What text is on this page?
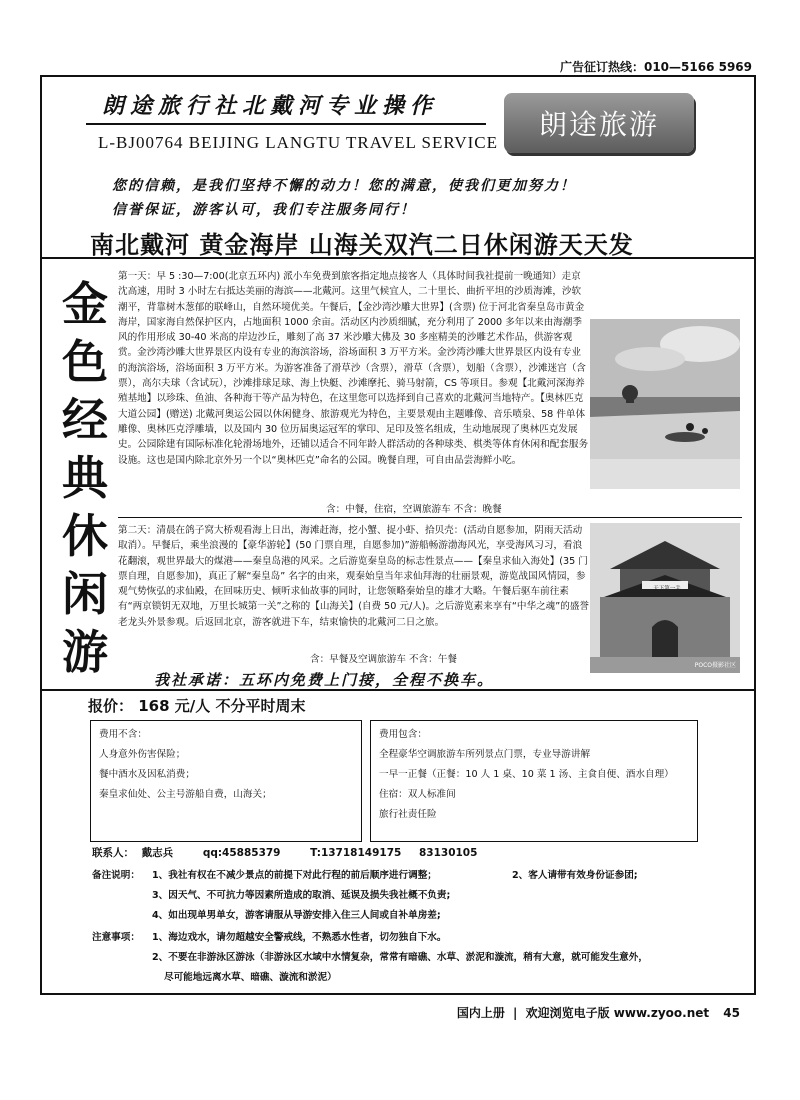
广告征订热线：010—5166 5969
朗途旅行社北戴河专业操作
L-BJ00764 BEIJING LANGTU TRAVEL SERVICE
朗途旅游
您的信赖，是我们坚持不懈的动力！您的满意，使我们更加努力！
信誉保证，游客认可，我们专注服务同行！
南北戴河 黄金海岸 山海关双汽二日休闲游天天发
金
色
经
典
休
闲
游
第一天：早 5 :30—7:00(北京五环内) 派小车免费到旅客指定地点接客人（具体时间我社提前一晚通知）走京沈高速，用时 3 小时左右抵达美丽的海滨——北戴河。这里气候宜人，二十里长、曲折平坦的沙质海滩，沙软潮平，背靠树木葱郁的联峰山，自然环境优美。午餐后，【金沙湾沙雕大世界】(含票) 位于河北省秦皇岛市黄金海岸，国家海自然保护区内，占地面积 1000 余亩。活动区内沙质细腻，充分利用了 2000 多年以来由海潮季风的作用形成 30-40 米高的岸边沙丘，雕刻了高 37 米沙雕大佛及 30 多座精美的沙雕艺术作品，供游客观赏。金沙湾沙雕大世界景区内设有专业的海滨浴场，浴场面积 3 万平方米。金沙湾沙雕大世界景区内设有专业的海滨浴场，浴场面积 3 万平方米。为游客准备了滑草沙（含票），滑草（含票），划船（含票），沙滩迷宫（含票），高尔夫球（含试玩），沙滩排球足球、海上快艇、沙滩摩托、骑马射箭，CS 等项目。参观【北戴河深海养殖基地】以珍珠、鱼油、各种海干等产品为特色，在这里您可以选择到自己喜欢的北戴河当地特产。【奥林匹克大道公园】(赠送) 北戴河奥运公园以休闲健身、旅游观光为特色，主要景观由主题雕像、音乐喷泉、58 件单体雕像、奥林匹克浮雕墙，以及国内 30 位历届奥运冠军的掌印、足印及签名组成，生动地展现了奥林匹克发展史。公园除建有国际标准化轮滑场地外，还铺以适合不同年龄人群活动的各种球类、棋类等体育休闲和配套服务设施。这也是国内除北京外另一个以“奥林匹克”命名的公园。晚餐自理，可自由品尝海鲜小吃。
含：中餐，住宿，空调旅游车 不含：晚餐
第二天：清晨在鸽子窝大桥观看海上日出，海滩赶海，挖小蟹、捉小虾、拾贝壳：(活动自愿参加，阴雨天活动取消）。早餐后，乘坐浪漫的【豪华游轮】(50 门票自理，自愿参加)”游船畅游渤海风光，享受海风习习，看浪花翻滚，观世界最大的煤港——秦皇岛港的风采。之后游览秦皇岛的标志性景点——【秦皇求仙入海处】(35 门票自理，自愿参加)，真正了解“秦皇岛” 名字的由来，观秦始皇当年求仙拜海的壮丽景观，游览战国风情园，参观气势恢弘的求仙殿，在回味历史、倾听求仙故事的同时，让您领略秦始皇的雄才大略。午餐后驱车前往素有“两京锁钥无双地，万里长城第一关”之称的【山海关】(自费 50 元/人)。之后游览素来享有“中华之魂”的盛誉老龙头外景参观。后返回北京，游客就进下车，结束愉快的北戴河二日之旅。
含：早餐及空调旅游车 不含：午餐
天下第一关
POCO摄影社区
我社承诺：五环内免费上门接，全程不换车。
报价： 168 元/人 不分平时周末
费用不含：
人身意外伤害保险；
餐中酒水及因私消费；
秦皇求仙处、公主号游船自费，山海关；
费用包含：
全程豪华空调旅游车所列景点门票，专业导游讲解
一早一正餐（正餐：10 人 1 桌、10 菜 1 汤、主食自便、酒水自理）
住宿：双人标准间
旅行社责任险
联系人： 戴志兵	qq:45885379	T:13718149175 83130105
备注说明： 1、我社有权在不减少景点的前提下对此行程的前后顺序进行调整；	2、客人请带有效身份证参团;
3、因天气、不可抗力等因素所造成的取消、延误及损失我社概不负责;
4、如出现单男单女，游客请服从导游安排入住三人间或自补单房差;
注意事项： 1、海边戏水，请勿超越安全警戒线，不熟悉水性者，切勿独自下水。
2、不要在非游泳区游泳（非游泳区水域中水情复杂，常常有暗礁、水草、淤泥和漩流，稍有大意，就可能发生意外，
尽可能地远离水草、暗礁、漩流和淤泥）
国内上册 | 欢迎浏览电子版 www.zyoo.net 45
